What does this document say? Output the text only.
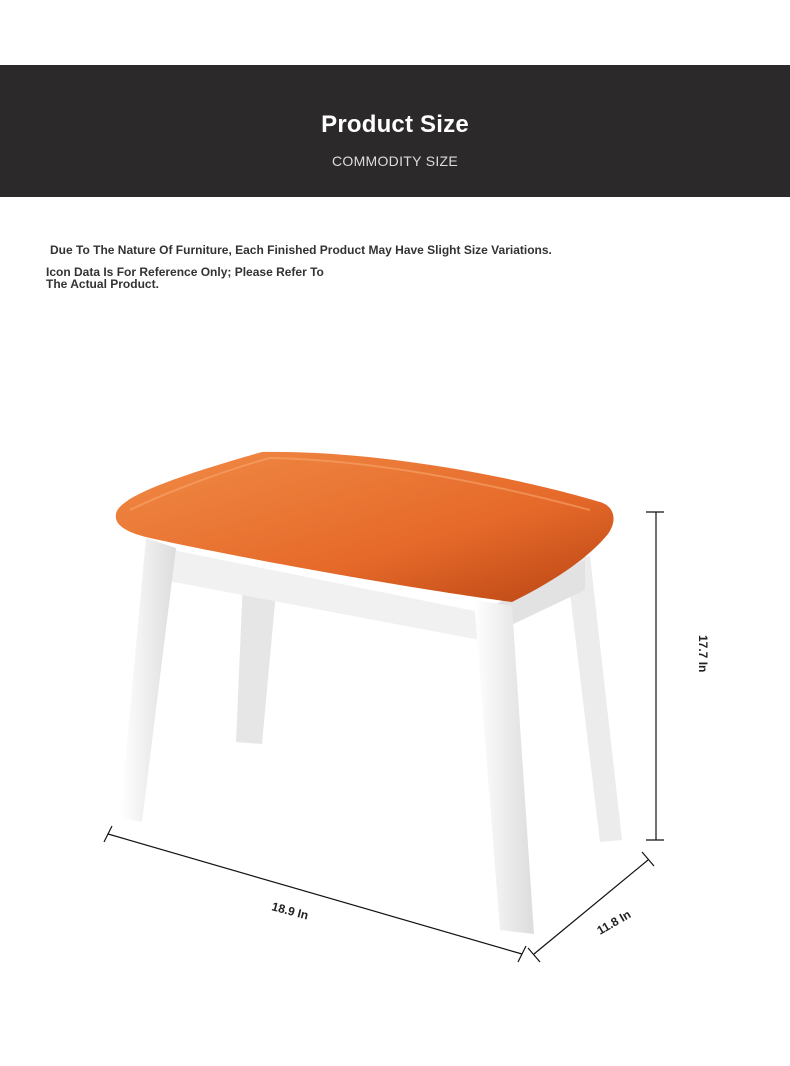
Product Size
COMMODITY SIZE
Due To The Nature Of Furniture, Each Finished Product May Have Slight Size Variations.
Icon Data Is For Reference Only; Please Refer To The Actual Product.
17.7 In
18.9 In	11.8 In
